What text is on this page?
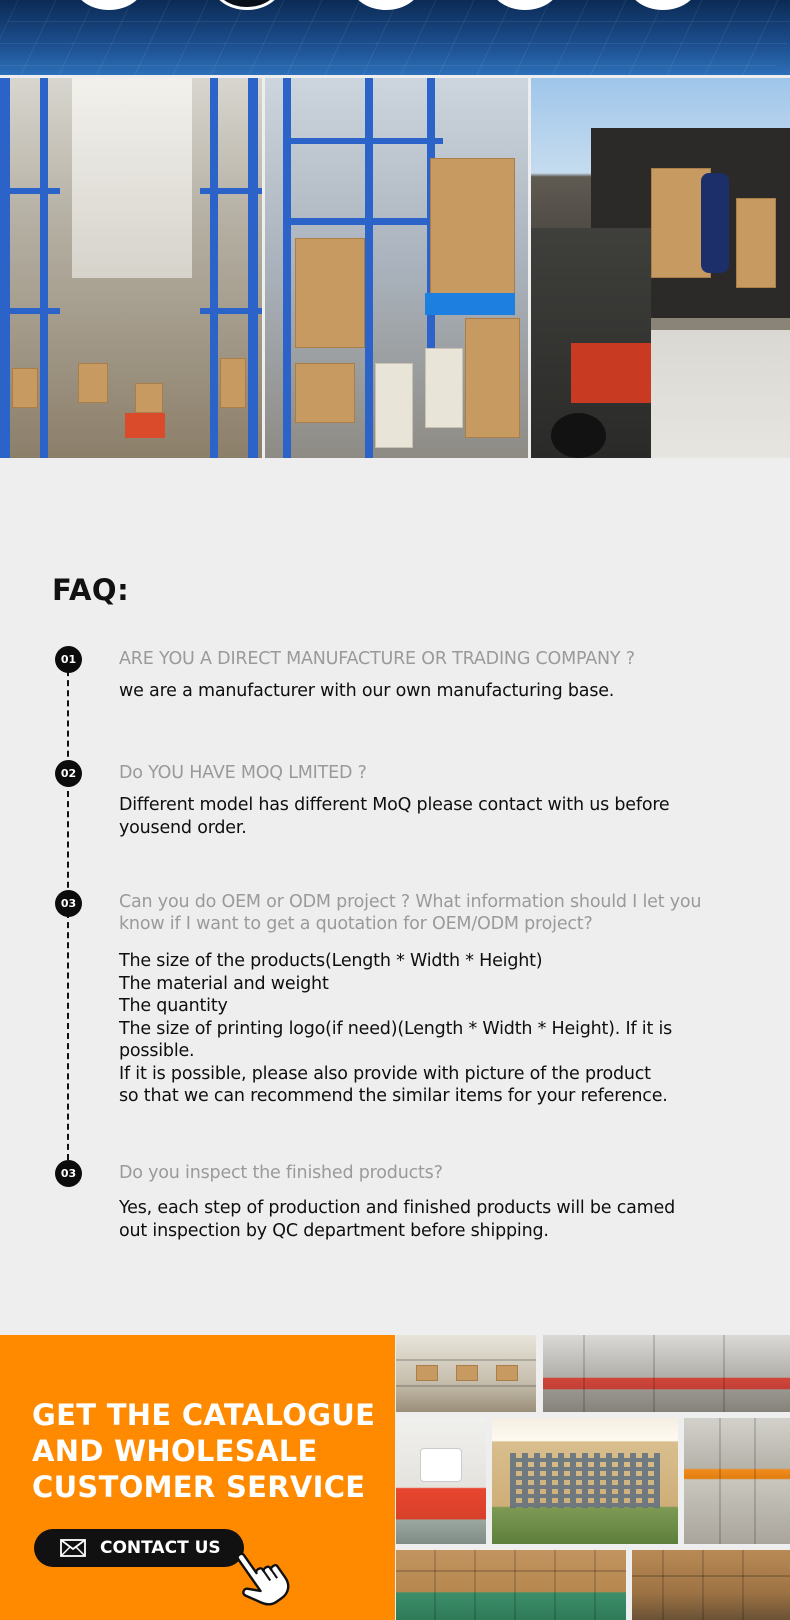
FAQ:
01	ARE YOU A DIRECT MANUFACTURE OR TRADING COMPANY ?
we are a manufacturer with our own manufacturing base.
02	Do YOU HAVE MOQ LMITED ?
Different model has different MoQ please contact with us before
yousend order.
03	Can you do OEM or ODM project ? What information should I let you know if I want to get a quotation for OEM/ODM project?
The size of the products(Length * Width * Height)
The material and weight
The quantity
The size of printing logo(if need)(Length * Width * Height). If it is
possible.
If it is possible, please also provide with picture of the product
so that we can recommend the similar items for your reference.
03	Do you inspect the finished products?
Yes, each step of production and finished products will be camed
out inspection by QC department before shipping.
GET THE CATALOGUE
AND WHOLESALE
CUSTOMER SERVICE
CONTACT US
